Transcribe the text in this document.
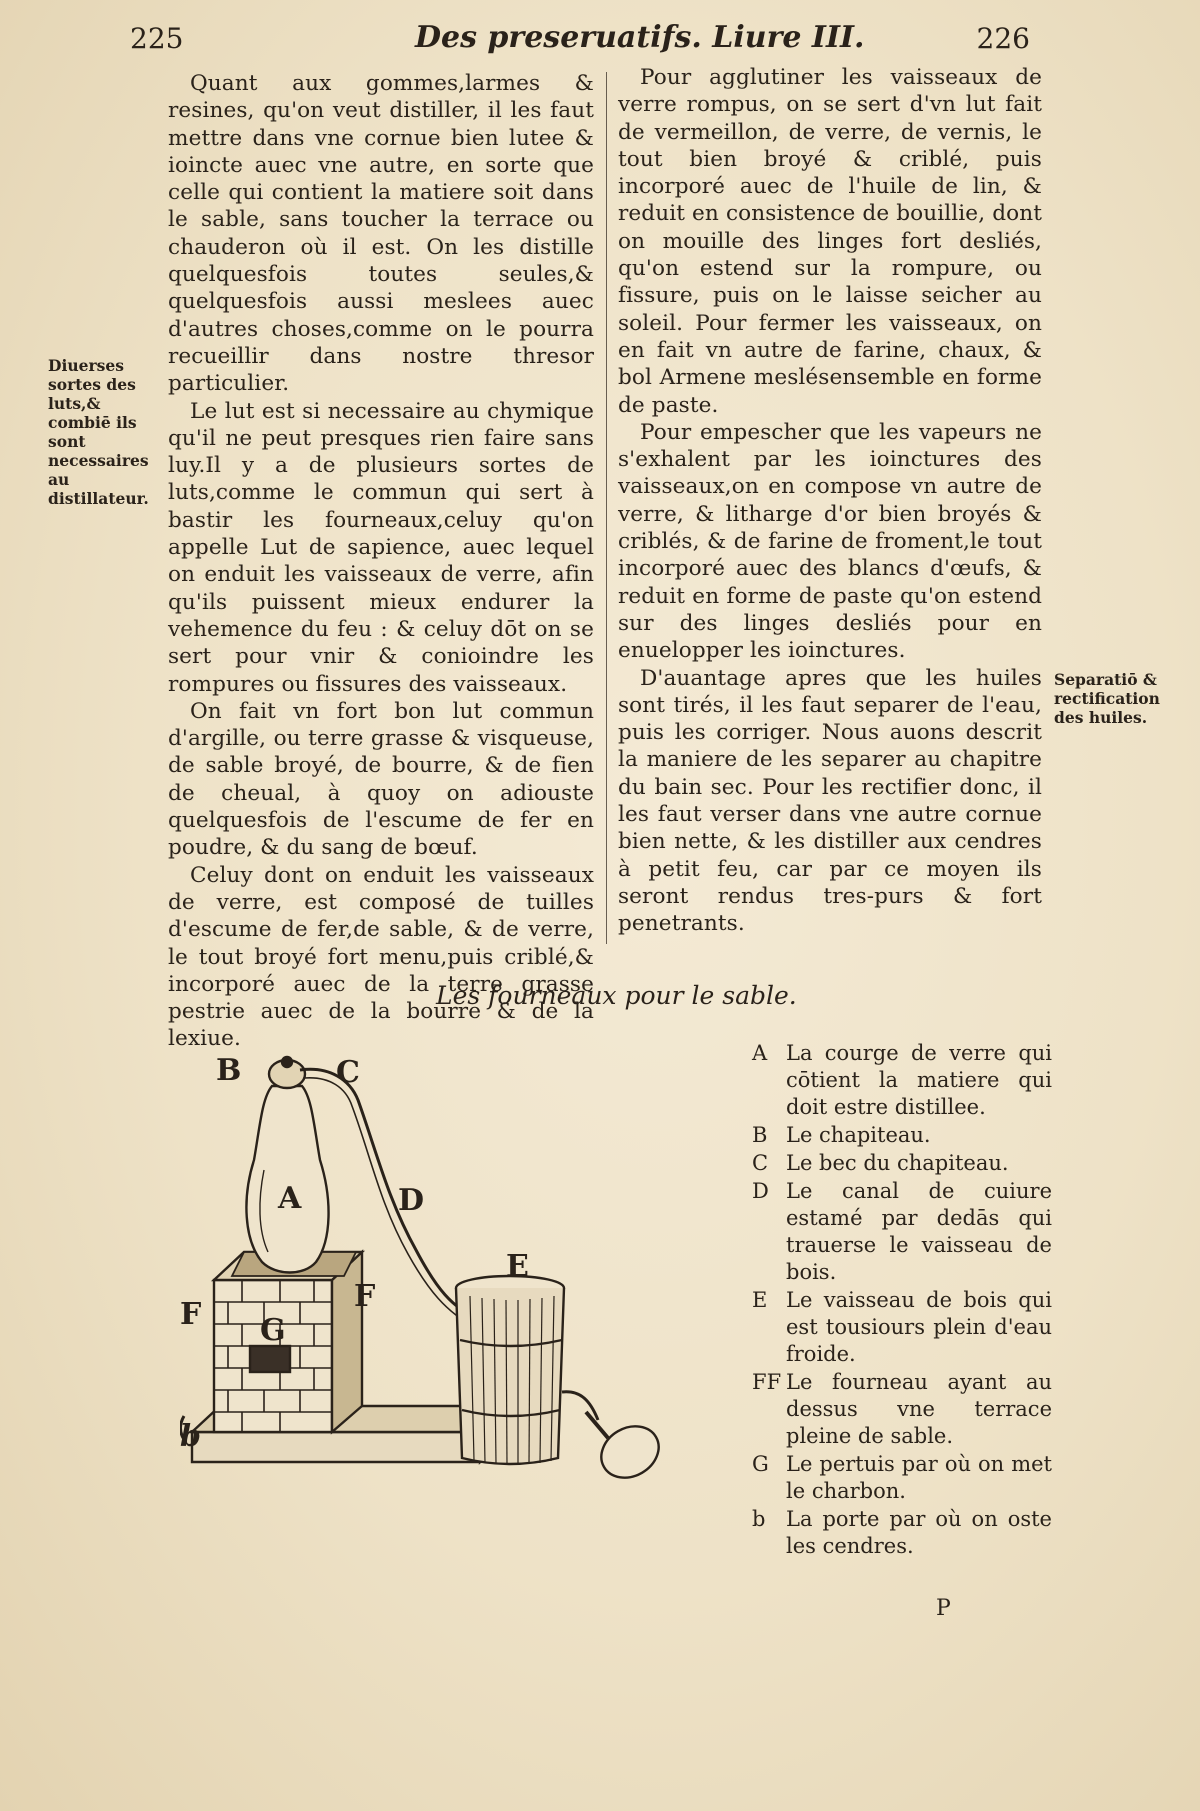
225	Des preseruatifs. Liure III.	226
Diuerses sortes des luts,& combiē ils sont necessaires au distillateur.

Quant aux gommes,larmes & resines, qu'on veut distiller, il les faut mettre dans vne cornue bien lutee & ioincte auec vne autre, en sorte que celle qui contient la matiere soit dans le sable, sans toucher la terrace ou chauderon où il est. On les distille quelquesfois toutes seules,& quelquesfois aussi meslees auec d'autres choses,comme on le pourra recueillir dans nostre thresor particulier.

Le lut est si necessaire au chymique qu'il ne peut presques rien faire sans luy.Il y a de plusieurs sortes de luts,comme le commun qui sert à bastir les fourneaux,celuy qu'on appelle Lut de sapience, auec lequel on enduit les vaisseaux de verre, afin qu'ils puissent mieux endurer la vehemence du feu : & celuy dōt on se sert pour vnir & conioindre les rompures ou fissures des vaisseaux.

On fait vn fort bon lut commun d'argille, ou terre grasse & visqueuse, de sable broyé, de bourre, & de fien de cheual, à quoy on adiouste quelquesfois de l'escume de fer en poudre, & du sang de bœuf.

Celuy dont on enduit les vaisseaux de verre, est composé de tuilles d'escume de fer,de sable, & de verre, le tout broyé fort menu,puis criblé,& incorporé auec de la terre grasse pestrie auec de la bourre & de la lexiue.

Pour agglutiner les vaisseaux de verre rompus, on se sert d'vn lut fait de vermeillon, de verre, de vernis, le tout bien broyé & criblé, puis incorporé auec de l'huile de lin, & reduit en consistence de bouillie, dont on mouille des linges fort desliés, qu'on estend sur la rompure, ou fissure, puis on le laisse seicher au soleil. Pour fermer les vaisseaux, on en fait vn autre de farine, chaux, & bol Armene meslésensemble en forme de paste.

Pour empescher que les vapeurs ne s'exhalent par les ioinctures des vaisseaux,on en compose vn autre de verre, & litharge d'or bien broyés & criblés, & de farine de froment,le tout incorporé auec des blancs d'œufs, & reduit en forme de paste qu'on estend sur des linges desliés pour en enuelopper les ioinctures.

D'auantage apres que les huiles sont tirés, il les faut separer de l'eau, puis les corriger. Nous auons descrit la maniere de les separer au chapitre du bain sec. Pour les rectifier donc, il les faut verser dans vne autre cornue bien nette, & les distiller aux cendres à petit feu, car par ce moyen ils seront rendus tres-purs & fort penetrants.

Separatiō & rectification des huiles.
Les fourneaux pour le sable.
B	C
A	D
E
F
F
G
b
A La courge de verre qui cōtient la matiere qui doit estre distillee.
B Le chapiteau.
C Le bec du chapiteau.
D Le canal de cuiure estamé par dedās qui trauerse le vaisseau de bois.
E Le vaisseau de bois qui est tousiours plein d'eau froide.
FF Le fourneau ayant au dessus vne terrace pleine de sable.
G Le pertuis par où on met le charbon.
b La porte par où on oste les cendres.
P
